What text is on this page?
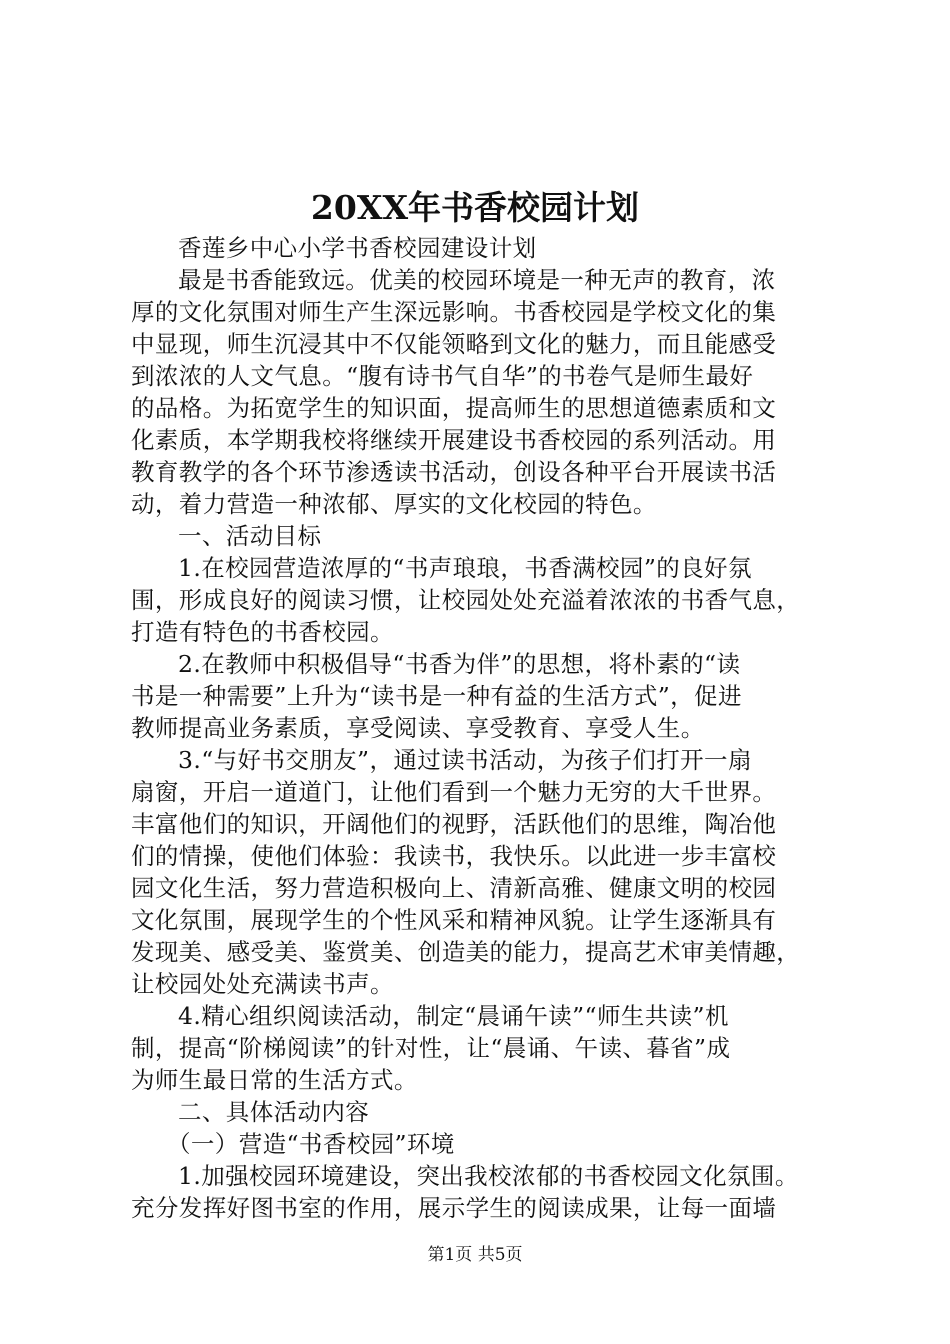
20XX年书香校园计划
香莲乡中心小学书香校园建设计划
最是书香能致远。优美的校园环境是一种无声的教育，浓
厚的文化氛围对师生产生深远影响。书香校园是学校文化的集
中显现，师生沉浸其中不仅能领略到文化的魅力，而且能感受
到浓浓的人文气息。“腹有诗书气自华”的书卷气是师生最好
的品格。为拓宽学生的知识面，提高师生的思想道德素质和文
化素质，本学期我校将继续开展建设书香校园的系列活动。用
教育教学的各个环节渗透读书活动，创设各种平台开展读书活
动，着力营造一种浓郁、厚实的文化校园的特色。
一、活动目标
1.在校园营造浓厚的“书声琅琅，书香满校园”的良好氛
围，形成良好的阅读习惯，让校园处处充溢着浓浓的书香气息，
打造有特色的书香校园。
2.在教师中积极倡导“书香为伴”的思想，将朴素的“读
书是一种需要”上升为“读书是一种有益的生活方式”，促进
教师提高业务素质，享受阅读、享受教育、享受人生。
3.“与好书交朋友”，通过读书活动，为孩子们打开一扇
扇窗，开启一道道门，让他们看到一个魅力无穷的大千世界。
丰富他们的知识，开阔他们的视野，活跃他们的思维，陶冶他
们的情操，使他们体验：我读书，我快乐。以此进一步丰富校
园文化生活，努力营造积极向上、清新高雅、健康文明的校园
文化氛围，展现学生的个性风采和精神风貌。让学生逐渐具有
发现美、感受美、鉴赏美、创造美的能力，提高艺术审美情趣，
让校园处处充满读书声。
4.精心组织阅读活动，制定“晨诵午读”“师生共读”机
制，提高“阶梯阅读”的针对性，让“晨诵、午读、暮省”成
为师生最日常的生活方式。
二、具体活动内容
（一）营造“书香校园”环境
1.加强校园环境建设，突出我校浓郁的书香校园文化氛围。
充分发挥好图书室的作用，展示学生的阅读成果，让每一面墙
第1页 共5页
